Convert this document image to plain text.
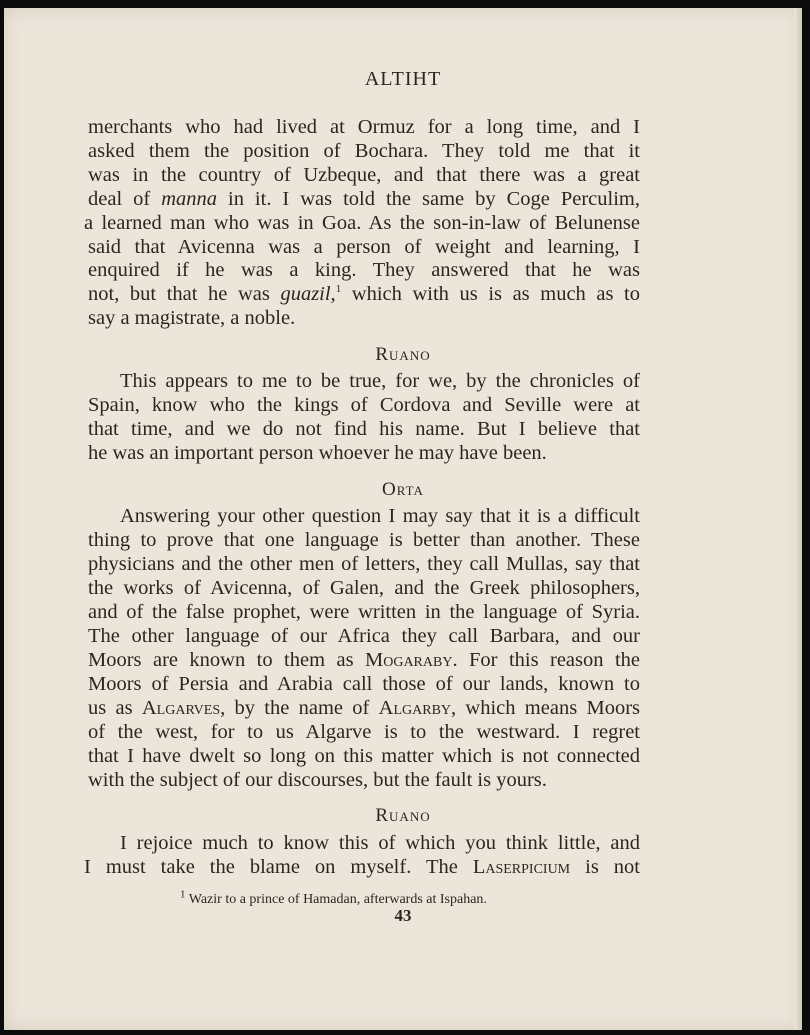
ALTIHT
merchants who had lived at Ormuz for a long time, and I
asked them the position of Bochara. They told me that it
was in the country of Uzbeque, and that there was a great
deal of manna in it. I was told the same by Coge Perculim,
a learned man who was in Goa. As the son-in-law of Belunense
said that Avicenna was a person of weight and learning, I
enquired if he was a king. They answered that he was
not, but that he was guazil,$^1$ which with us is as much as to
say a magistrate, a noble.
Ruano
This appears to me to be true, for we, by the chronicles of
Spain, know who the kings of Cordova and Seville were at
that time, and we do not find his name. But I believe that
he was an important person whoever he may have been.
Orta
Answering your other question I may say that it is a difficult
thing to prove that one language is better than another. These
physicians and the other men of letters, they call Mullas, say that
the works of Avicenna, of Galen, and the Greek philosophers,
and of the false prophet, were written in the language of Syria.
The other language of our Africa they call Barbara, and our
Moors are known to them as Mogaraby. For this reason the
Moors of Persia and Arabia call those of our lands, known to
us as Algarves, by the name of Algarby, which means Moors
of the west, for to us Algarve is to the westward. I regret
that I have dwelt so long on this matter which is not connected
with the subject of our discourses, but the fault is yours.
Ruano
I rejoice much to know this of which you think little, and
I must take the blame on myself. The Laserpicium is not
$^1$ Wazir to a prince of Hamadan, afterwards at Ispahan.
43
